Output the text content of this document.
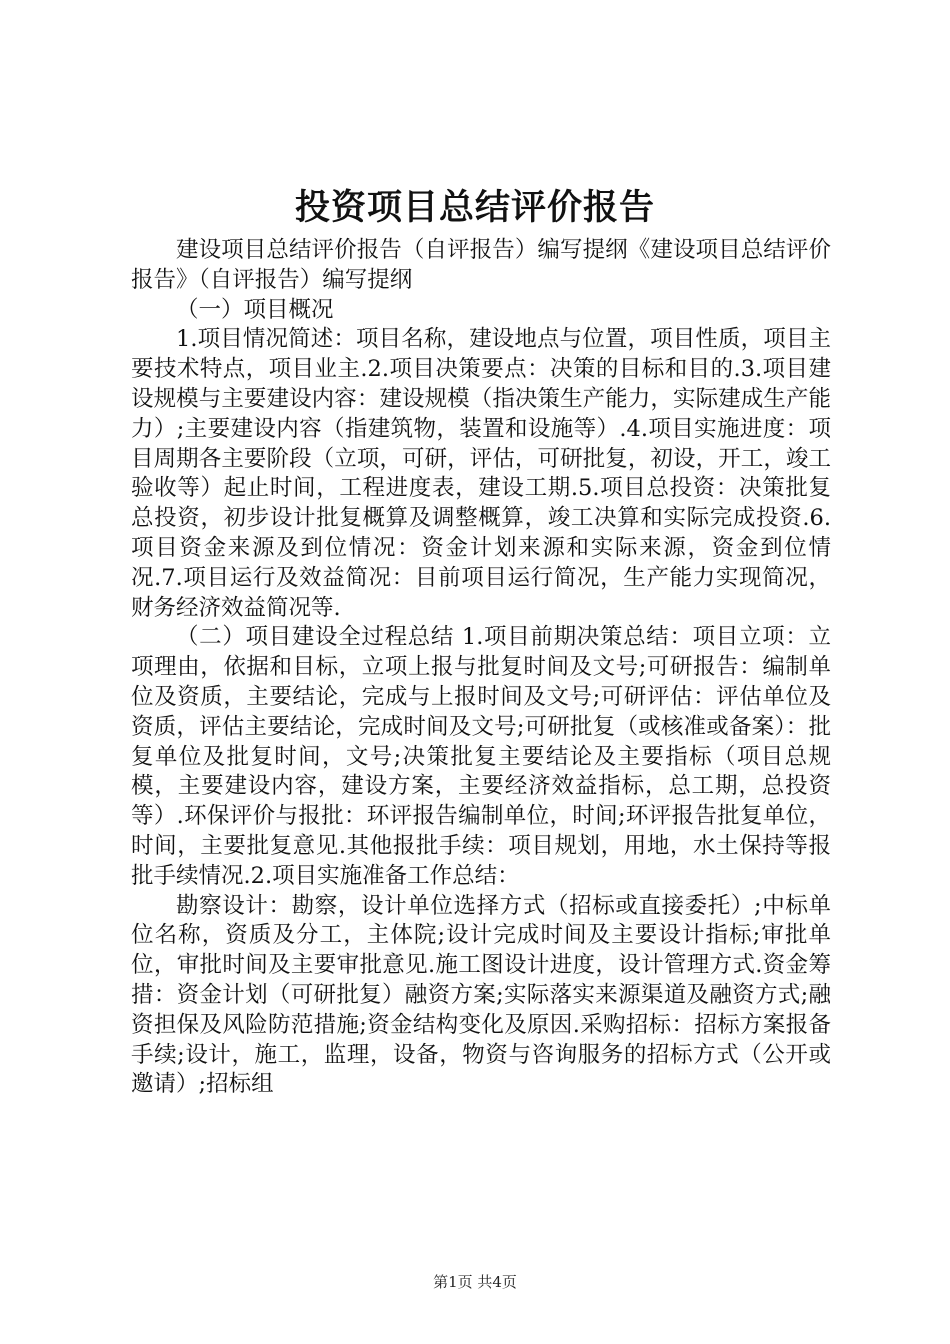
投资项目总结评价报告

建设项目总结评价报告（自评报告）编写提纲《建设项目总结评价报告》（自评报告）编写提纲

（一）项目概况

1.项目情况简述：项目名称，建设地点与位置，项目性质，项目主要技术特点，项目业主.2.项目决策要点：决策的目标和目的.3.项目建设规模与主要建设内容：建设规模（指决策生产能力，实际建成生产能力）;主要建设内容（指建筑物，装置和设施等）.4.项目实施进度：项目周期各主要阶段（立项，可研，评估，可研批复，初设，开工，竣工验收等）起止时间，工程进度表，建设工期.5.项目总投资：决策批复总投资，初步设计批复概算及调整概算，竣工决算和实际完成投资.6.项目资金来源及到位情况：资金计划来源和实际来源，资金到位情况.7.项目运行及效益简况：目前项目运行简况，生产能力实现简况，财务经济效益简况等.

（二）项目建设全过程总结 1.项目前期决策总结：项目立项：立项理由，依据和目标，立项上报与批复时间及文号;可研报告：编制单位及资质，主要结论，完成与上报时间及文号;可研评估：评估单位及资质，评估主要结论，完成时间及文号;可研批复（或核准或备案）：批复单位及批复时间，文号;决策批复主要结论及主要指标（项目总规模，主要建设内容，建设方案，主要经济效益指标，总工期，总投资等）.环保评价与报批：环评报告编制单位，时间;环评报告批复单位，时间，主要批复意见.其他报批手续：项目规划，用地，水土保持等报批手续情况.2.项目实施准备工作总结：

勘察设计：勘察，设计单位选择方式（招标或直接委托）;中标单位名称，资质及分工，主体院;设计完成时间及主要设计指标;审批单位，审批时间及主要审批意见.施工图设计进度，设计管理方式.资金筹措：资金计划（可研批复）融资方案;实际落实来源渠道及融资方式;融资担保及风险防范措施;资金结构变化及原因.采购招标：招标方案报备手续;设计，施工，监理，设备，物资与咨询服务的招标方式（公开或邀请）;招标组

第1页 共4页
